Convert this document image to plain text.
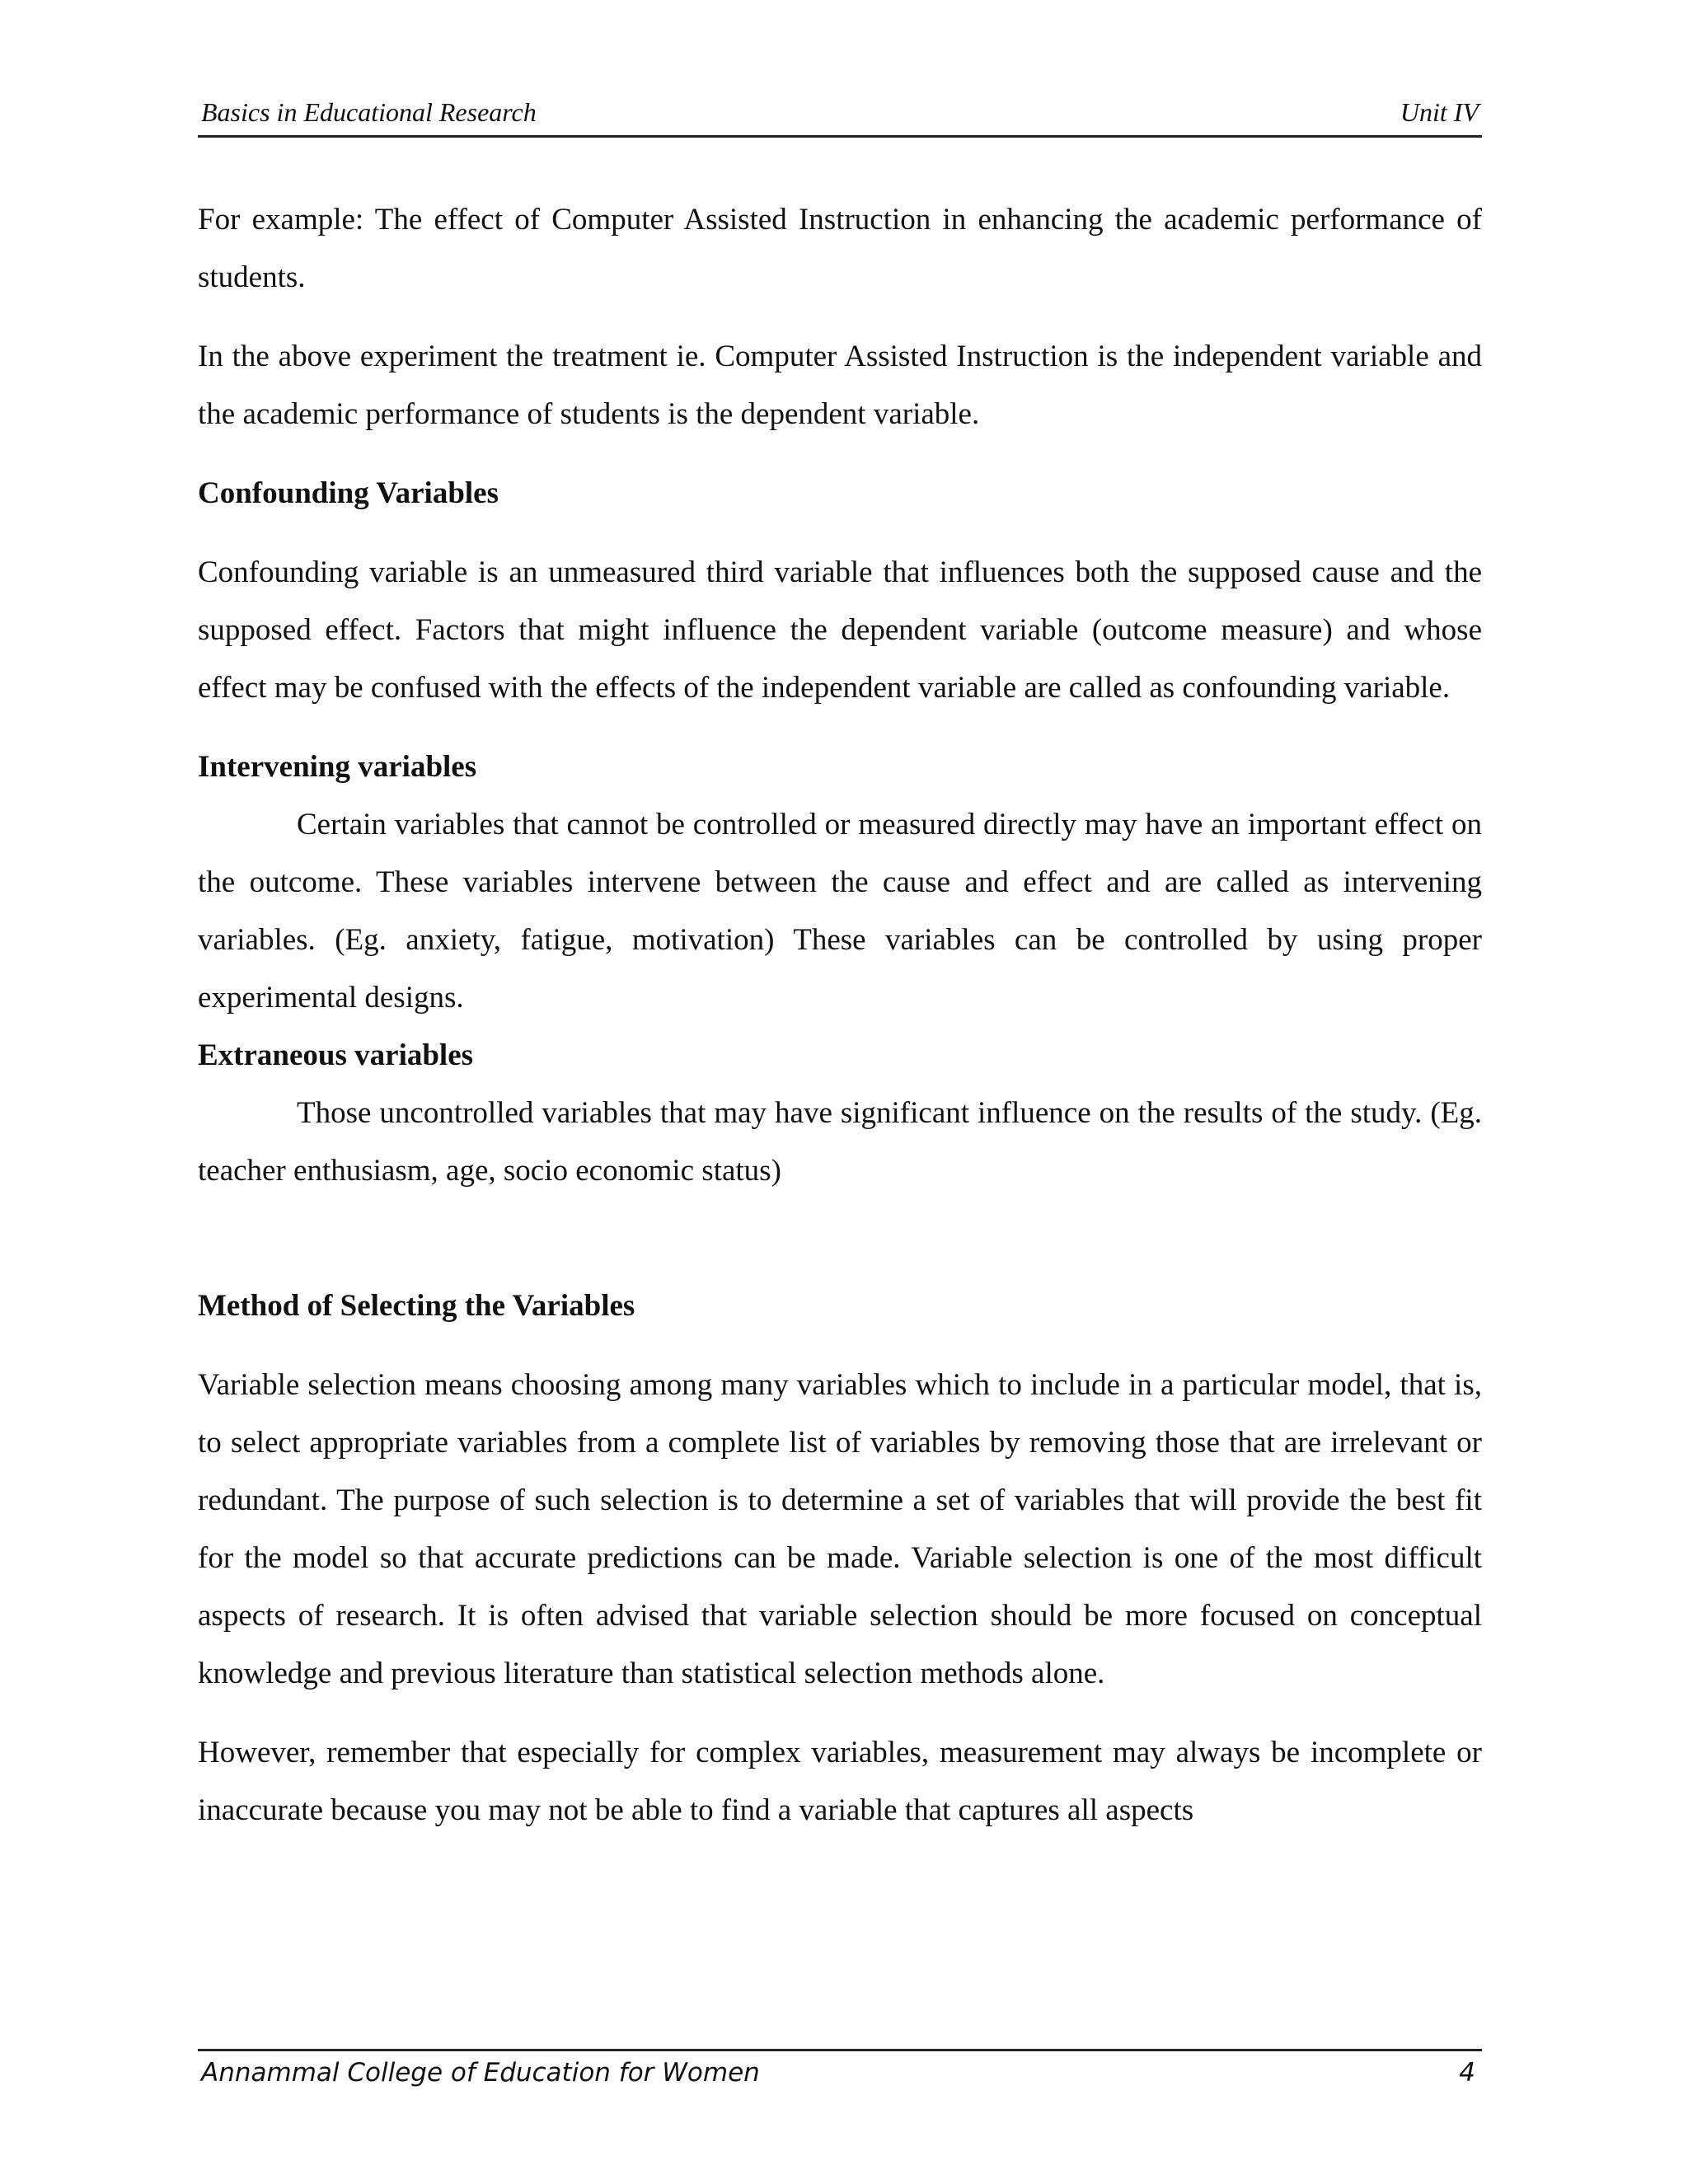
Basics in Educational Research	Unit IV

For example: The effect of Computer Assisted Instruction in enhancing the academic performance of students.

In the above experiment the treatment ie. Computer Assisted Instruction is the independent variable and the academic performance of students is the dependent variable.

Confounding Variables

Confounding variable is an unmeasured third variable that influences both the supposed cause and the supposed effect. Factors that might influence the dependent variable (outcome measure) and whose effect may be confused with the effects of the independent variable are called as confounding variable.

Intervening variables

Certain variables that cannot be controlled or measured directly may have an important effect on the outcome. These variables intervene between the cause and effect and are called as intervening variables. (Eg. anxiety, fatigue, motivation) These variables can be controlled by using proper experimental designs.

Extraneous variables

Those uncontrolled variables that may have significant influence on the results of the study. (Eg. teacher enthusiasm, age, socio economic status)

Method of Selecting the Variables

Variable selection means choosing among many variables which to include in a particular model, that is, to select appropriate variables from a complete list of variables by removing those that are irrelevant or redundant. The purpose of such selection is to determine a set of variables that will provide the best fit for the model so that accurate predictions can be made. Variable selection is one of the most difficult aspects of research. It is often advised that variable selection should be more focused on conceptual knowledge and previous literature than statistical selection methods alone.

However, remember that especially for complex variables, measurement may always be incomplete or inaccurate because you may not be able to find a variable that captures all aspects

Annammal College of Education for Women	4
